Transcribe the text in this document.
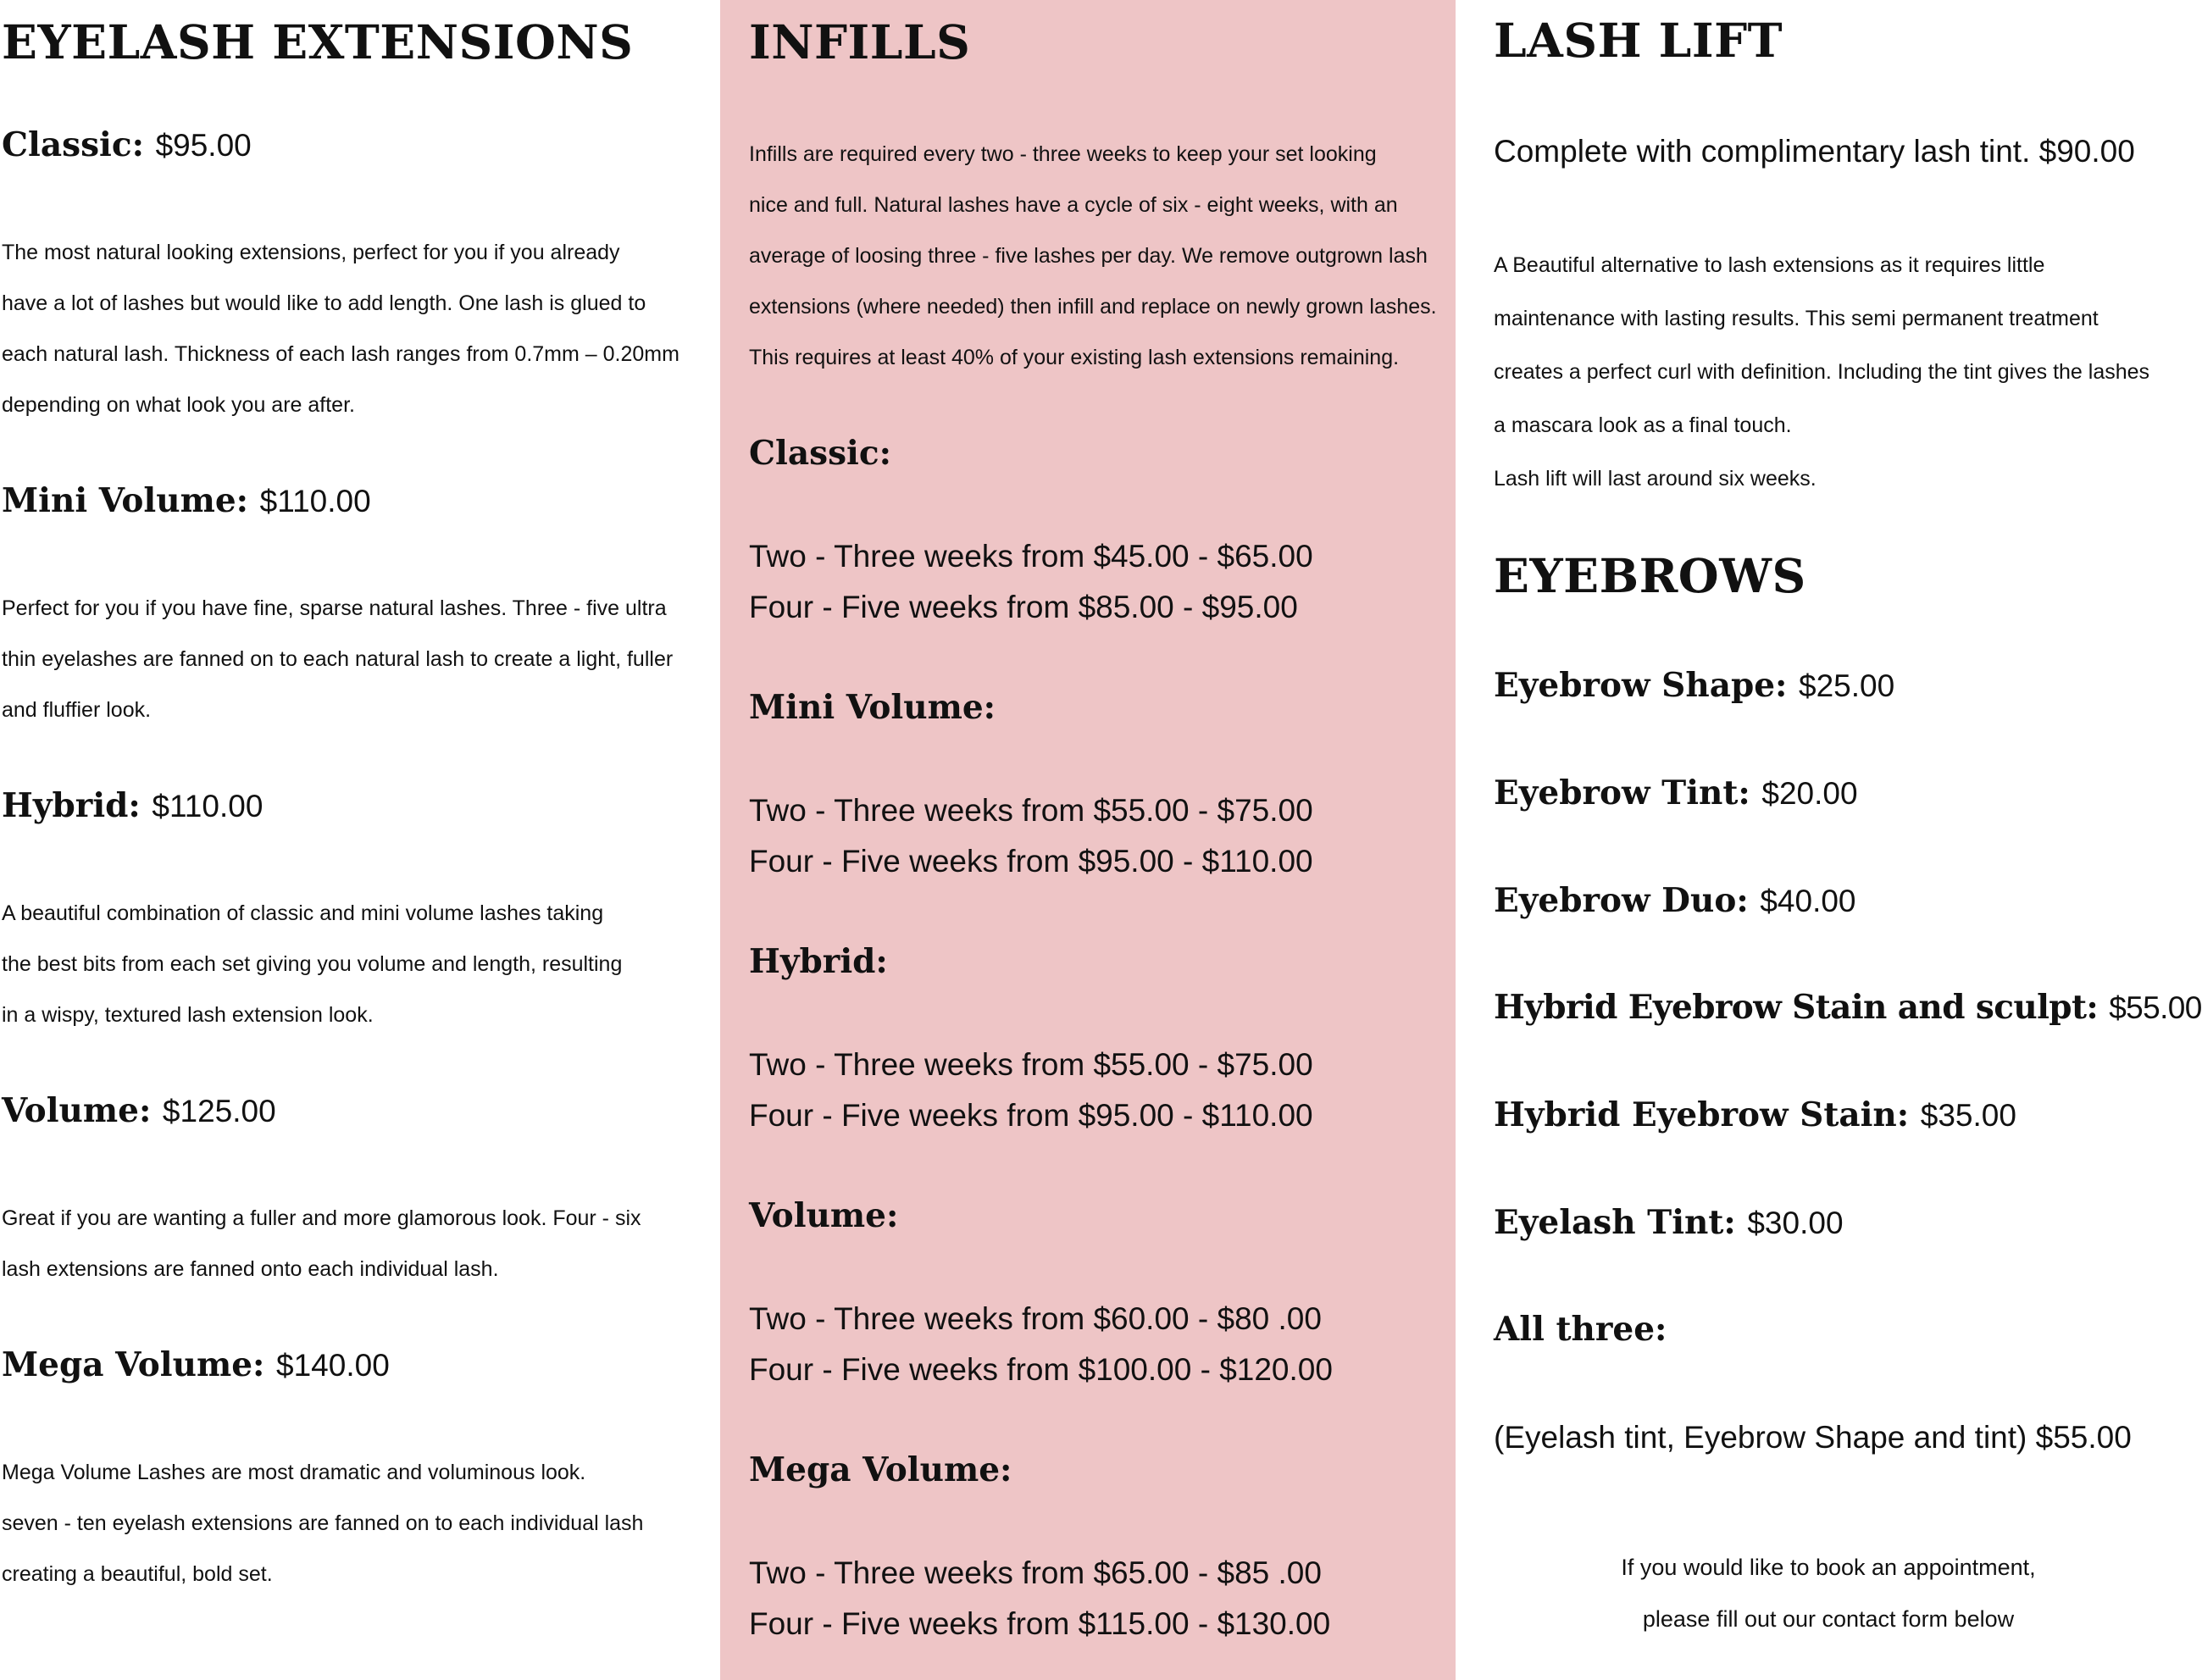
EYELASH EXTENSIONS
Classic: $95.00
The most natural looking extensions, perfect for you if you already
have a lot of lashes but would like to add length. One lash is glued to
each natural lash. Thickness of each lash ranges from 0.7mm – 0.20mm
depending on what look you are after.
Mini Volume: $110.00
Perfect for you if you have fine, sparse natural lashes. Three - five ultra
thin eyelashes are fanned on to each natural lash to create a light, fuller
and fluffier look.
Hybrid: $110.00
A beautiful combination of classic and mini volume lashes taking
the best bits from each set giving you volume and length, resulting
in a wispy, textured lash extension look.
Volume: $125.00
Great if you are wanting a fuller and more glamorous look. Four - six
lash extensions are fanned onto each individual lash.
Mega Volume: $140.00
Mega Volume Lashes are most dramatic and voluminous look.
seven - ten eyelash extensions are fanned on to each individual lash
creating a beautiful, bold set.
INFILLS
Infills are required every two - three weeks to keep your set looking
nice and full. Natural lashes have a cycle of six - eight weeks, with an
average of loosing three - five lashes per day. We remove outgrown lash
extensions (where needed) then infill and replace on newly grown lashes.
This requires at least 40% of your existing lash extensions remaining.
Classic:
Two - Three weeks from $45.00 - $65.00
Four - Five weeks from $85.00 - $95.00
Mini Volume:
Two - Three weeks from $55.00 - $75.00
Four - Five weeks from $95.00 - $110.00
Hybrid:
Two - Three weeks from $55.00 - $75.00
Four - Five weeks from $95.00 - $110.00
Volume:
Two - Three weeks from $60.00 - $80 .00
Four - Five weeks from $100.00 - $120.00
Mega Volume:
Two - Three weeks from $65.00 - $85 .00
Four - Five weeks from $115.00 - $130.00
LASH LIFT
Complete with complimentary lash tint. $90.00
A Beautiful alternative to lash extensions as it requires little
maintenance with lasting results. This semi permanent treatment
creates a perfect curl with definition. Including the tint gives the lashes
a mascara look as a final touch.
Lash lift will last around six weeks.
EYEBROWS
Eyebrow Shape: $25.00
Eyebrow Tint: $20.00
Eyebrow Duo: $40.00
Hybrid Eyebrow Stain and sculpt: $55.00
Hybrid Eyebrow Stain: $35.00
Eyelash Tint: $30.00
All three:
(Eyelash tint, Eyebrow Shape and tint) $55.00
If you would like to book an appointment,
please fill out our contact form below
